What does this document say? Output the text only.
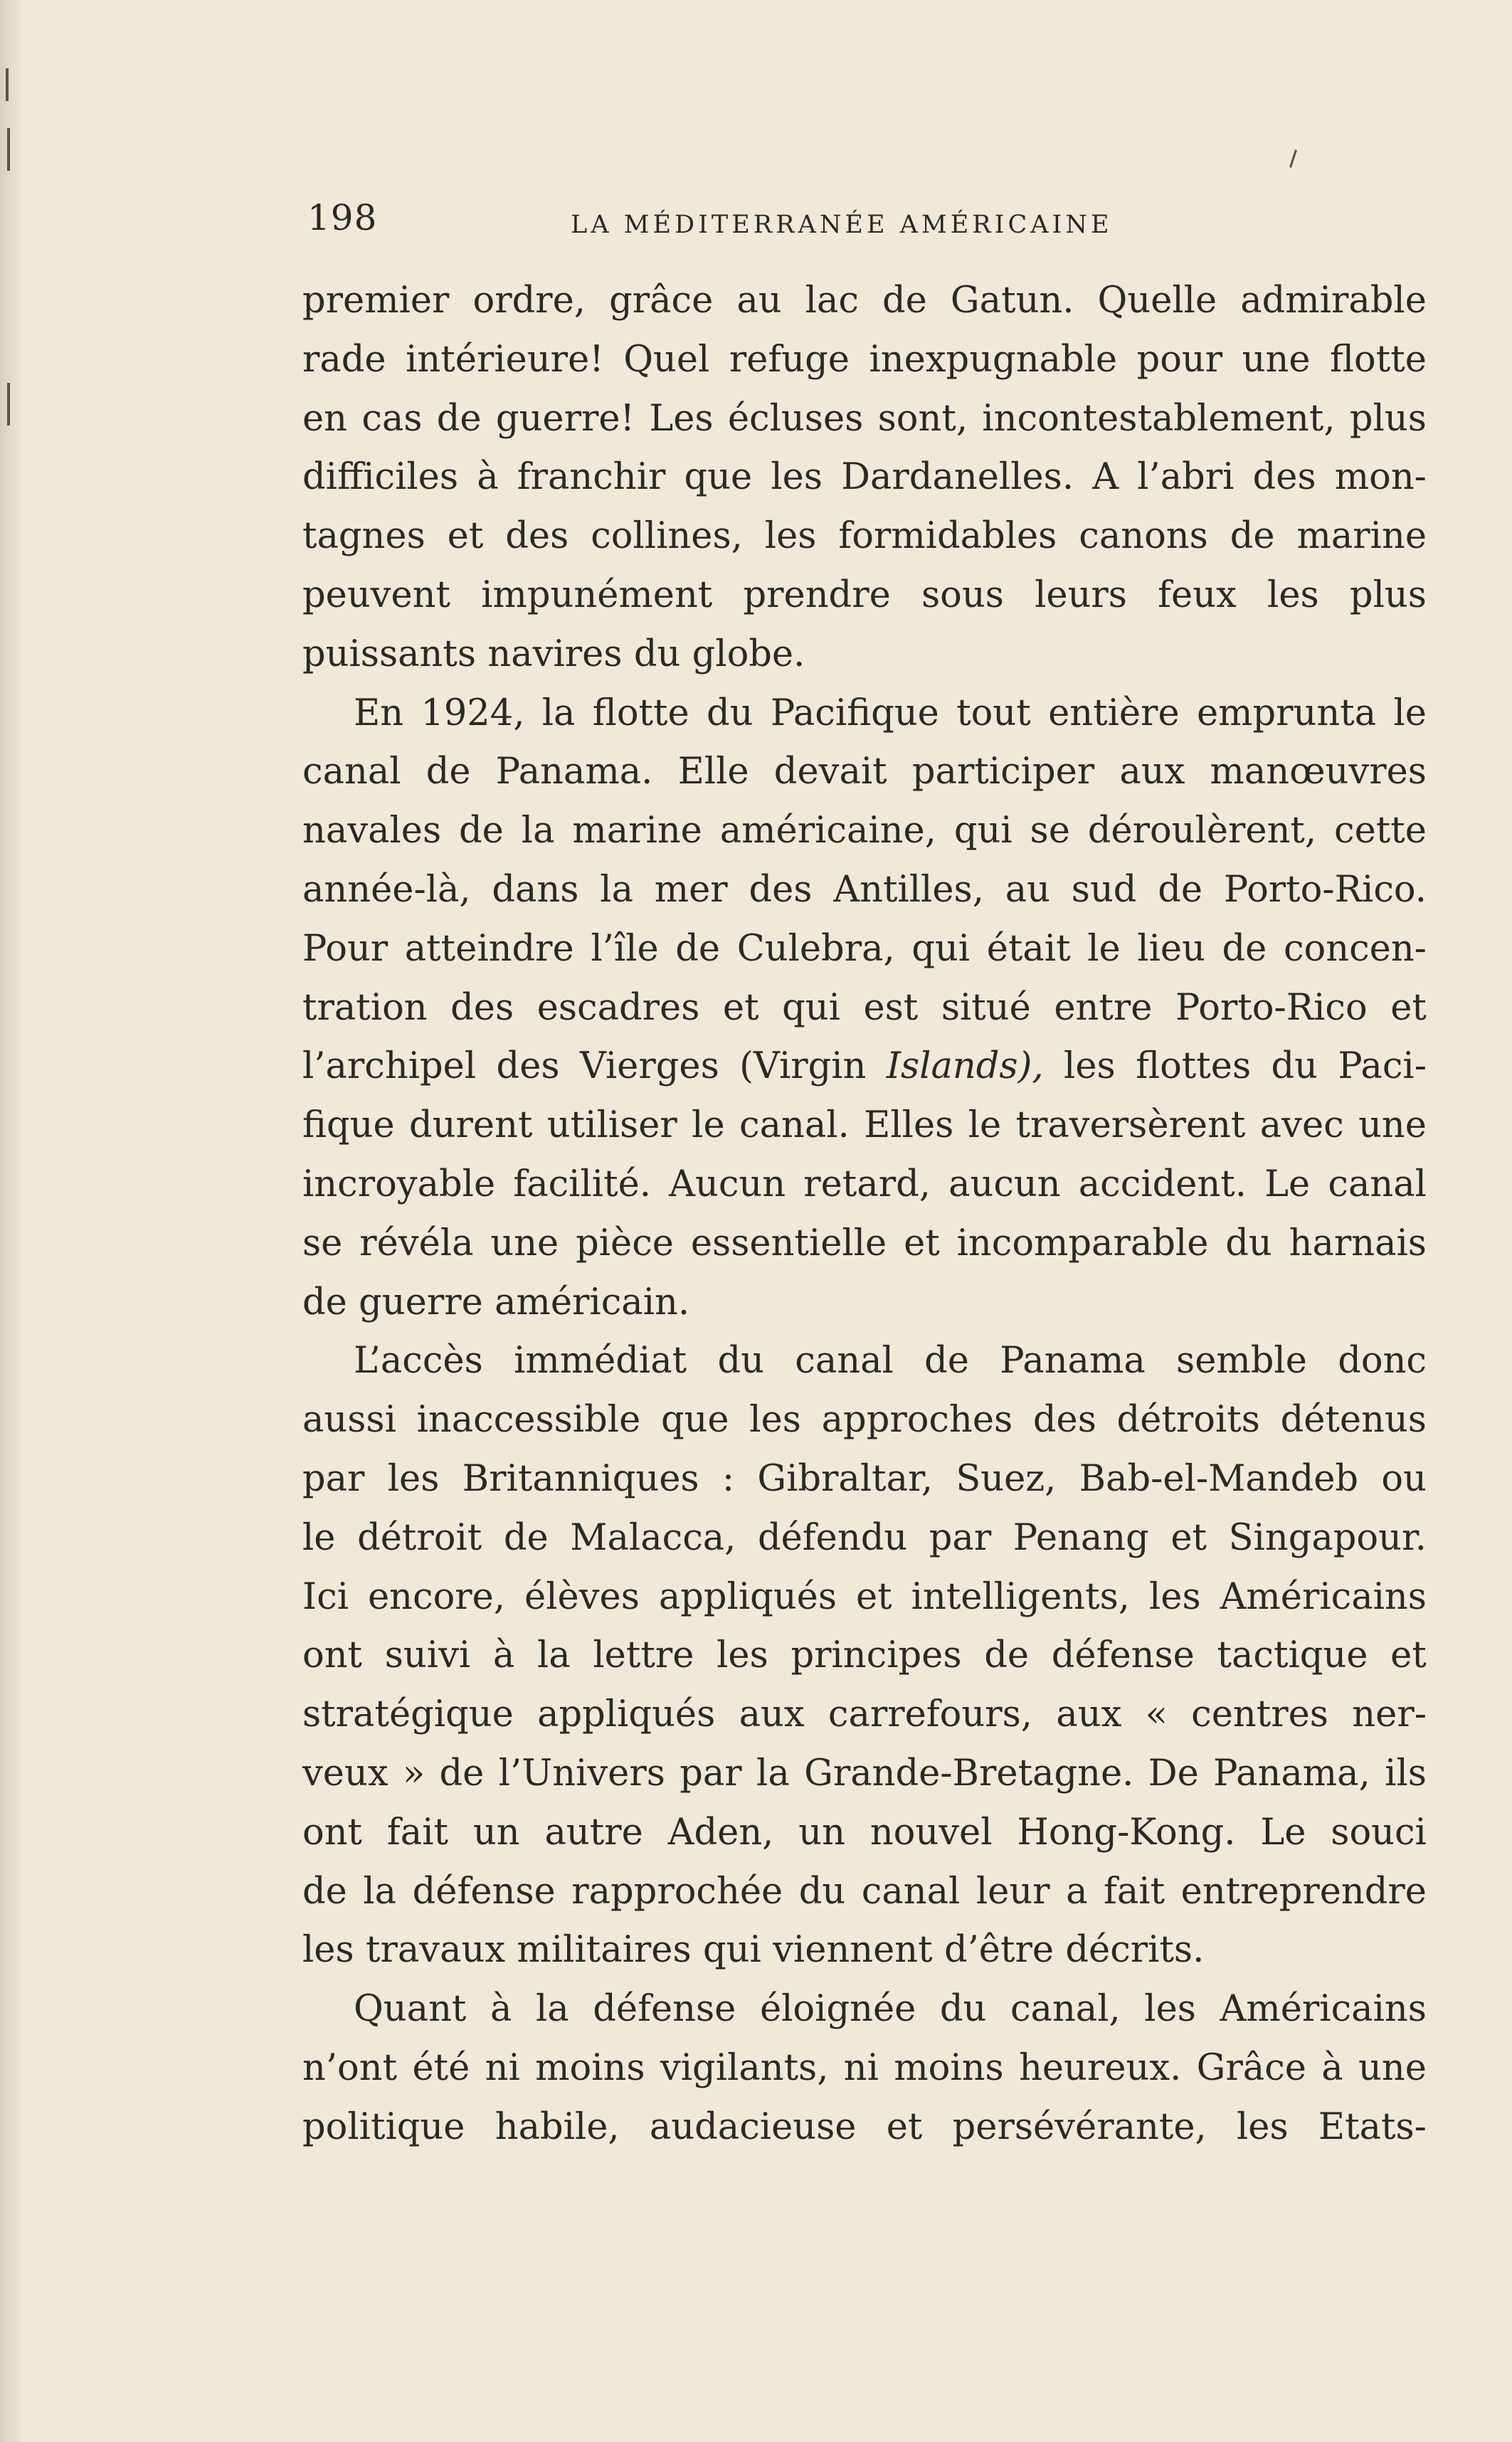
198	LA MÉDITERRANÉE AMÉRICAINE
premier ordre, grâce au lac de Gatun. Quelle admirable
rade intérieure! Quel refuge inexpugnable pour une flotte
en cas de guerre! Les écluses sont, incontestablement, plus
difficiles à franchir que les Dardanelles. A l’abri des mon-
tagnes et des collines, les formidables canons de marine
peuvent impunément prendre sous leurs feux les plus
puissants navires du globe.
En 1924, la flotte du Pacifique tout entière emprunta le
canal de Panama. Elle devait participer aux manœuvres
navales de la marine américaine, qui se déroulèrent, cette
année-là, dans la mer des Antilles, au sud de Porto-Rico.
Pour atteindre l’île de Culebra, qui était le lieu de concen-
tration des escadres et qui est situé entre Porto-Rico et
l’archipel des Vierges (Virgin Islands), les flottes du Paci-
fique durent utiliser le canal. Elles le traversèrent avec une
incroyable facilité. Aucun retard, aucun accident. Le canal
se révéla une pièce essentielle et incomparable du harnais
de guerre américain.
L’accès immédiat du canal de Panama semble donc
aussi inaccessible que les approches des détroits détenus
par les Britanniques : Gibraltar, Suez, Bab-el-Mandeb ou
le détroit de Malacca, défendu par Penang et Singapour.
Ici encore, élèves appliqués et intelligents, les Américains
ont suivi à la lettre les principes de défense tactique et
stratégique appliqués aux carrefours, aux « centres ner-
veux » de l’Univers par la Grande-Bretagne. De Panama, ils
ont fait un autre Aden, un nouvel Hong-Kong. Le souci
de la défense rapprochée du canal leur a fait entreprendre
les travaux militaires qui viennent d’être décrits.
Quant à la défense éloignée du canal, les Américains
n’ont été ni moins vigilants, ni moins heureux. Grâce à une
politique habile, audacieuse et persévérante, les Etats-
